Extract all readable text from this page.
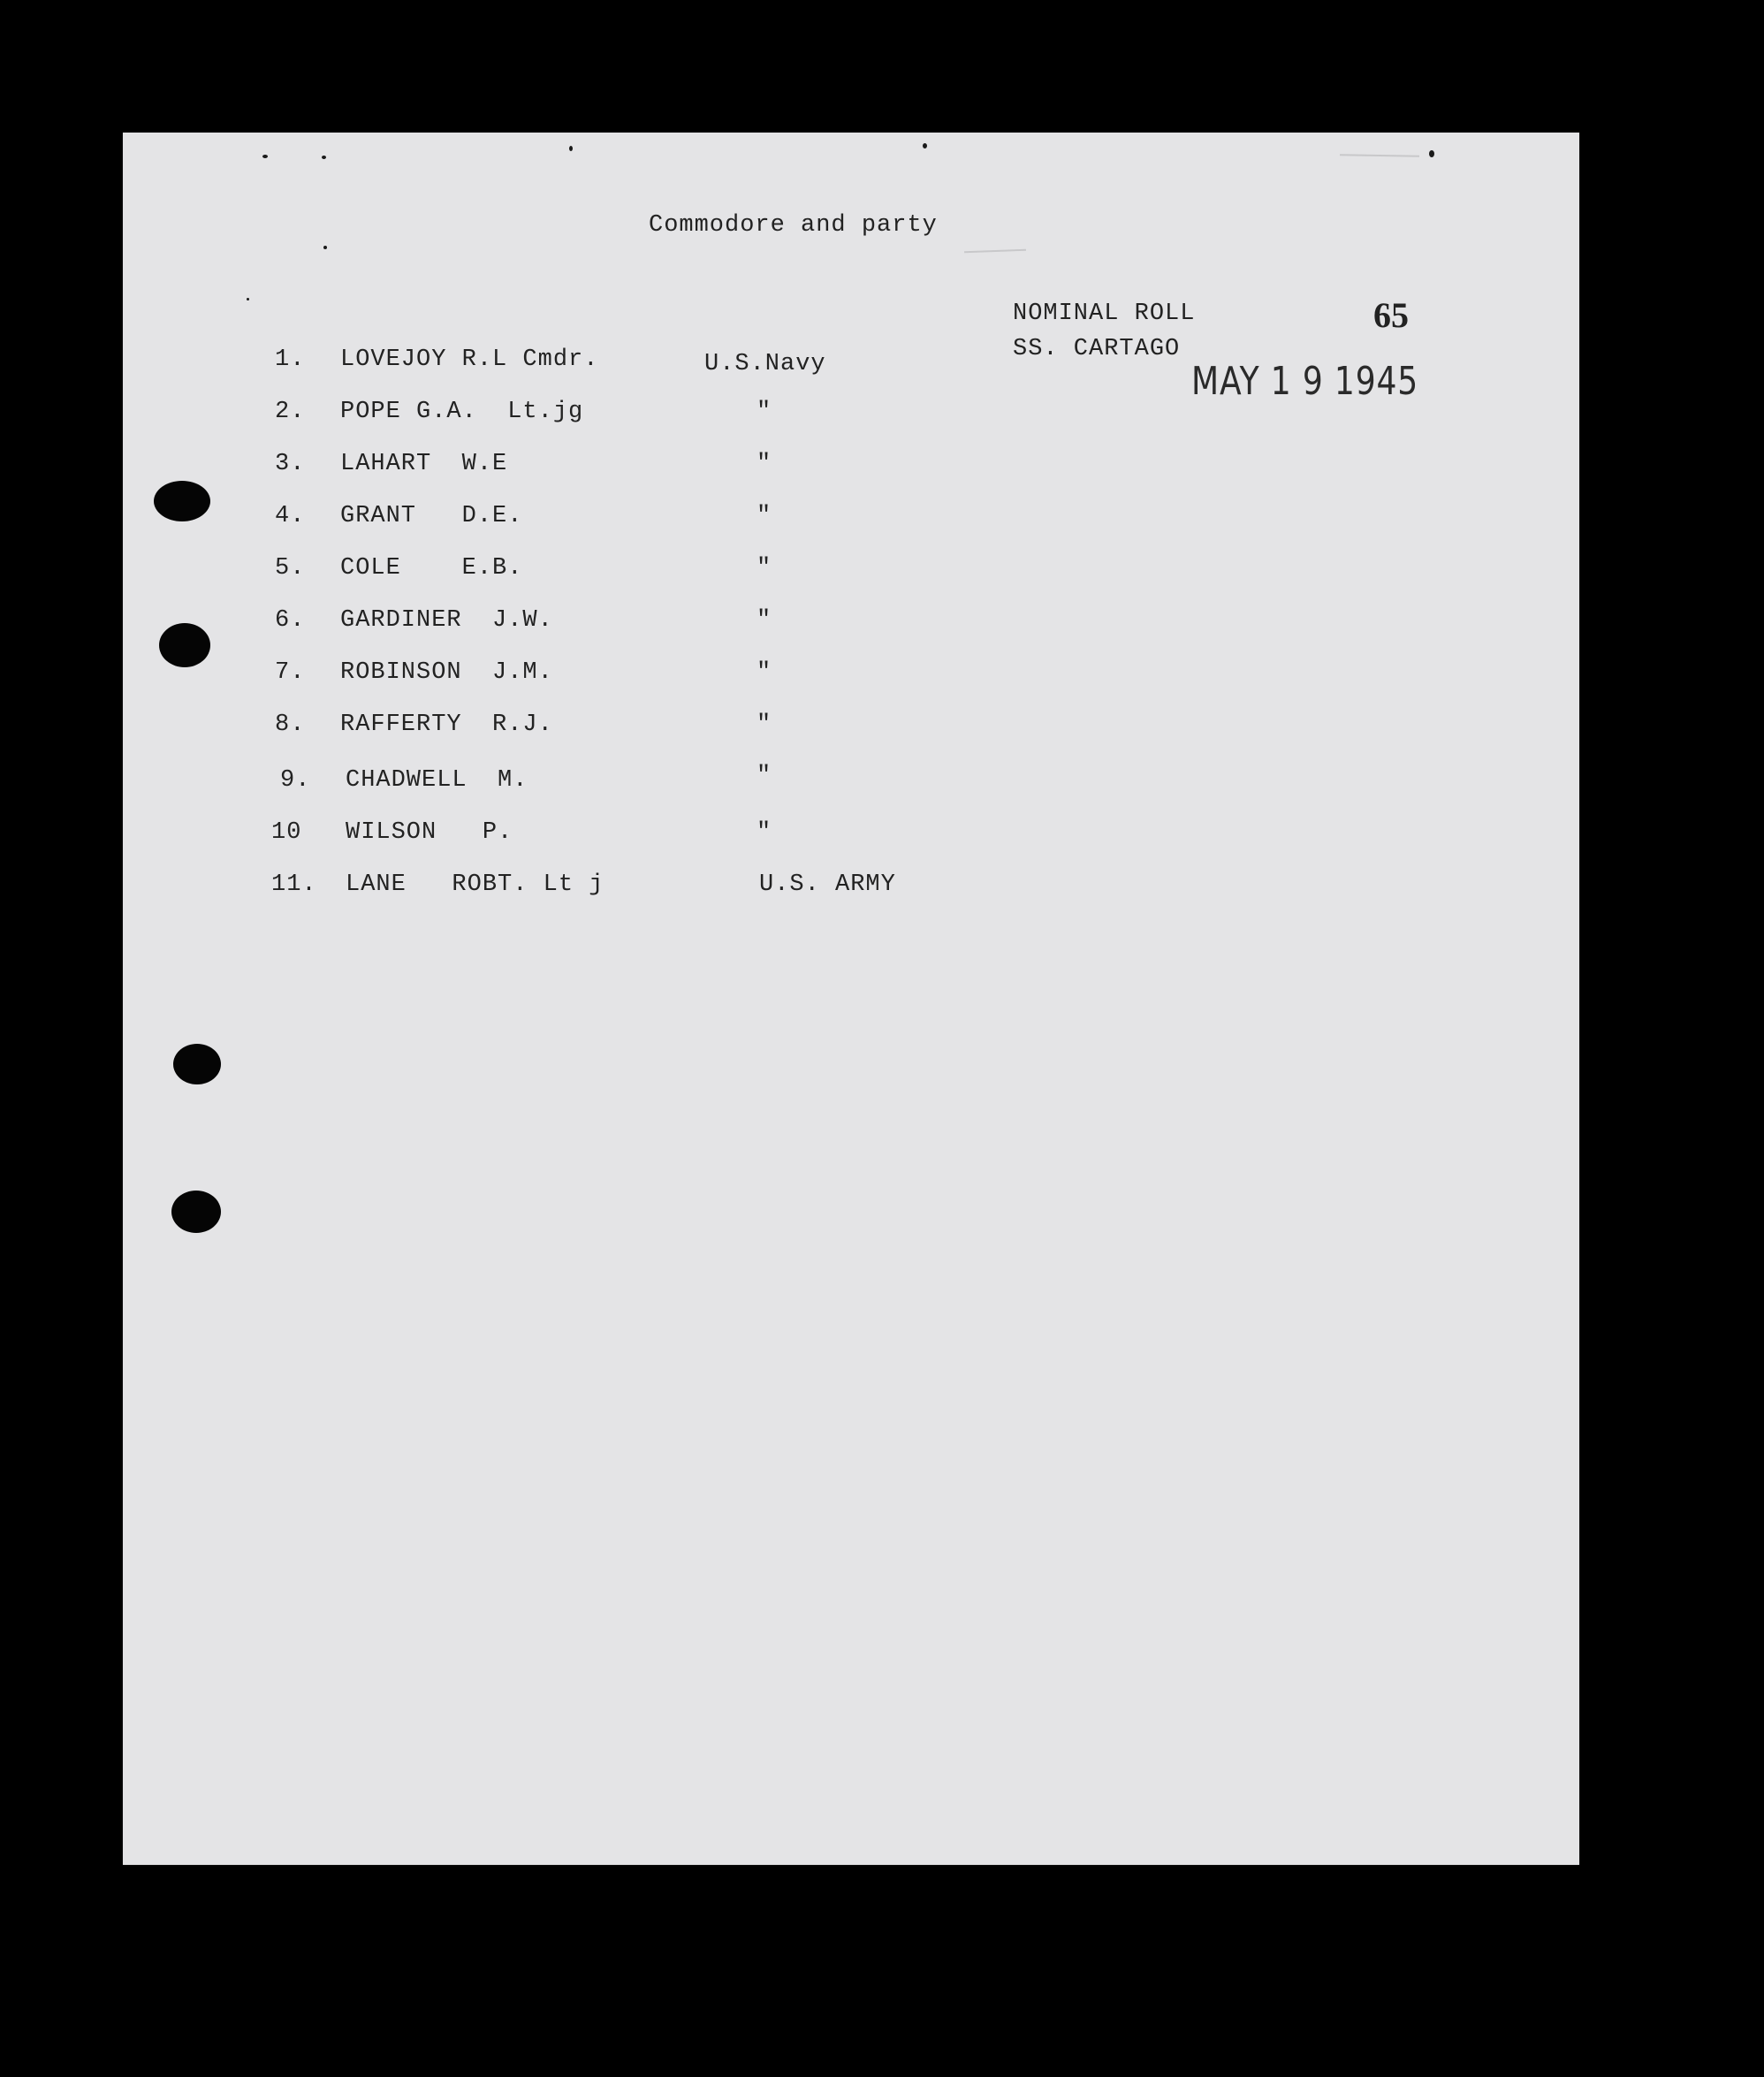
Commodore and party
NOMINAL ROLL
SS. CARTAGO
65
MAY 1 9 1945
1. LOVEJOY R.L Cmdr.	U.S.Navy
2. POPE G.A.  Lt.jg	"
3. LAHART  W.E	"
4. GRANT   D.E.	"
5. COLE    E.B.	"
6. GARDINER  J.W.	"
7. ROBINSON  J.M.	"
8. RAFFERTY  R.J.	"
9. CHADWELL  M.	"
10 WILSON   P.	"
11. LANE   ROBT. Lt j	U.S. ARMY
